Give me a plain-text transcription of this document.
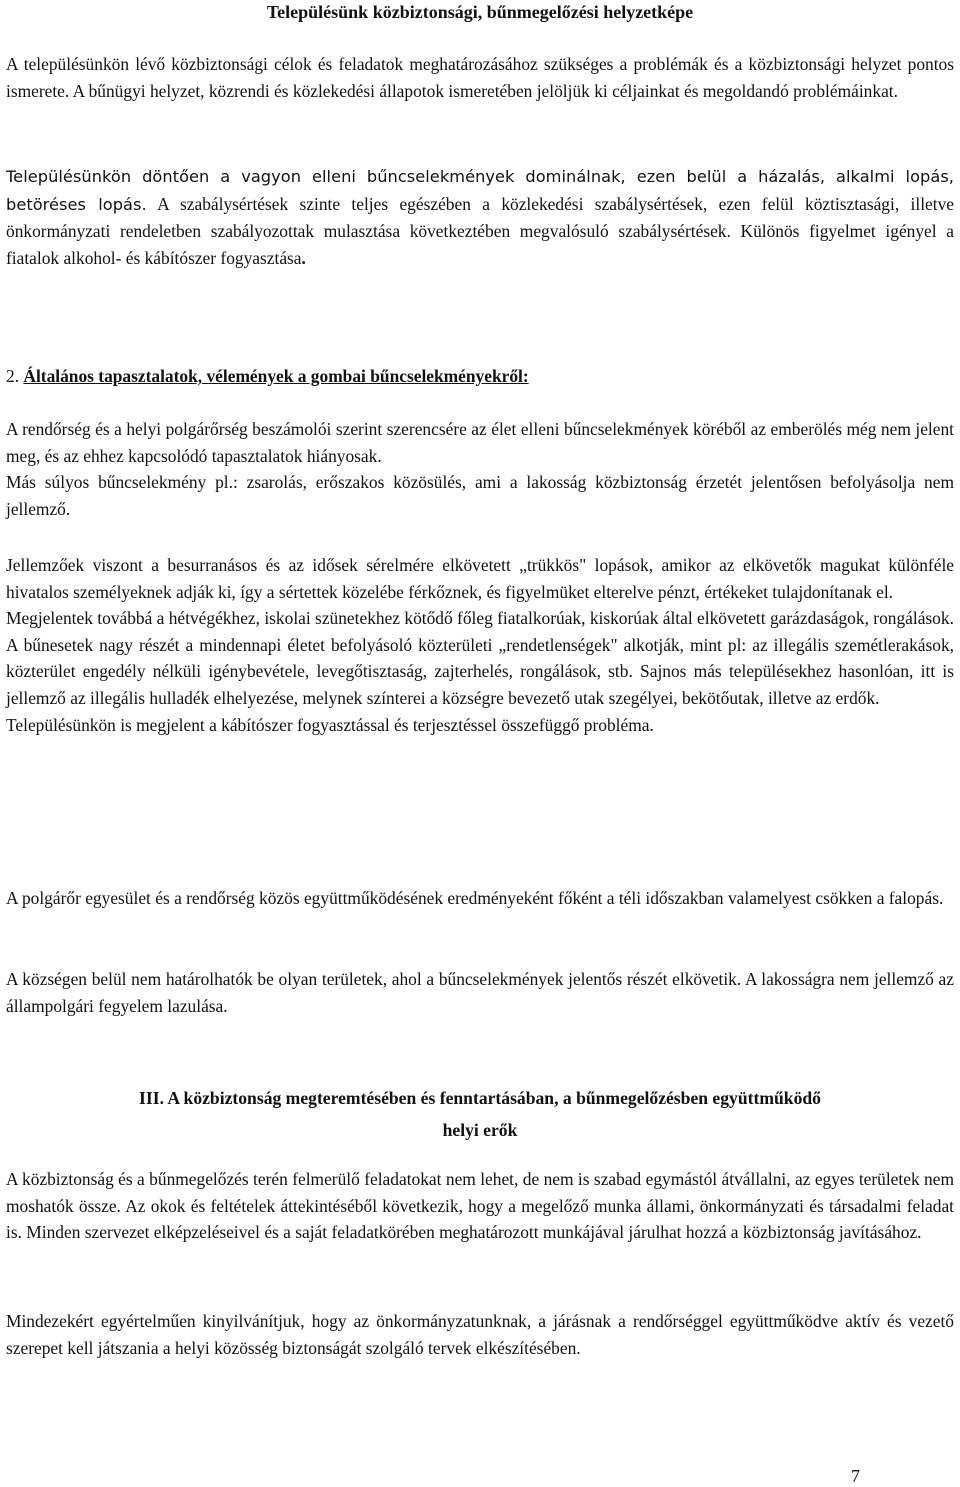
Településünk közbiztonsági, bűnmegelőzési helyzetképe
A településünkön lévő közbiztonsági célok és feladatok meghatározásához szükséges a problémák és a közbiztonsági helyzet pontos ismerete. A bűnügyi helyzet, közrendi és közlekedési állapotok ismeretében jelöljük ki céljainkat és megoldandó problémáinkat.
Településünkön döntően a vagyon elleni bűncselekmények dominálnak, ezen belül a házalás, alkalmi lopás, betöréses lopás. A szabálysértések szinte teljes egészében a közlekedési szabálysértések, ezen felül köztisztasági, illetve önkormányzati rendeletben szabályozottak mulasztása következtében megvalósuló szabálysértések. Különös figyelmet igényel a fiatalok alkohol- és kábítószer fogyasztása.
2. Általános tapasztalatok, vélemények a gombai bűncselekményekről:
A rendőrség és a helyi polgárőrség beszámolói szerint szerencsére az élet elleni bűncselekmények köréből az emberölés még nem jelent meg, és az ehhez kapcsolódó tapasztalatok hiányosak.
Más súlyos bűncselekmény pl.: zsarolás, erőszakos közösülés, ami a lakosság közbiztonság érzetét jelentősen befolyásolja nem jellemző.
Jellemzőek viszont a besurranásos és az idősek sérelmére elkövetett „trükkös" lopások, amikor az elkövetők magukat különféle hivatalos személyeknek adják ki, így a sértettek közelébe férkőznek, és figyelmüket elterelve pénzt, értékeket tulajdonítanak el.
Megjelentek továbbá a hétvégékhez, iskolai szünetekhez kötődő főleg fiatalkorúak, kiskorúak által elkövetett garázdaságok, rongálások.
A bűnesetek nagy részét a mindennapi életet befolyásoló közterületi „rendetlenségek" alkotják, mint pl: az illegális szemétlerakások, közterület engedély nélküli igénybevétele, levegőtisztaság, zajterhelés, rongálások, stb. Sajnos más településekhez hasonlóan, itt is jellemző az illegális hulladék elhelyezése, melynek színterei a községre bevezető utak szegélyei, bekötőutak, illetve az erdők.
Településünkön is megjelent a kábítószer fogyasztással és terjesztéssel összefüggő probléma.
A polgárőr egyesület és a rendőrség közös együttműködésének eredményeként főként a téli időszakban valamelyest csökken a falopás.
A községen belül nem határolhatók be olyan területek, ahol a bűncselekmények jelentős részét elkövetik. A lakosságra nem jellemző az állampolgári fegyelem lazulása.
III. A közbiztonság megteremtésében és fenntartásában, a bűnmegelőzésben együttműködő
helyi erők
A közbiztonság és a bűnmegelőzés terén felmerülő feladatokat nem lehet, de nem is szabad egymástól átvállalni, az egyes területek nem moshatók össze. Az okok és feltételek áttekintéséből következik, hogy a megelőző munka állami, önkormányzati és társadalmi feladat is. Minden szervezet elképzeléseivel és a saját feladatkörében meghatározott munkájával járulhat hozzá a közbiztonság javításához.
Mindezekért egyértelműen kinyilvánítjuk, hogy az önkormányzatunknak, a járásnak a rendőrséggel együttműködve aktív és vezető szerepet kell játszania a helyi közösség biztonságát szolgáló tervek elkészítésében.
7
